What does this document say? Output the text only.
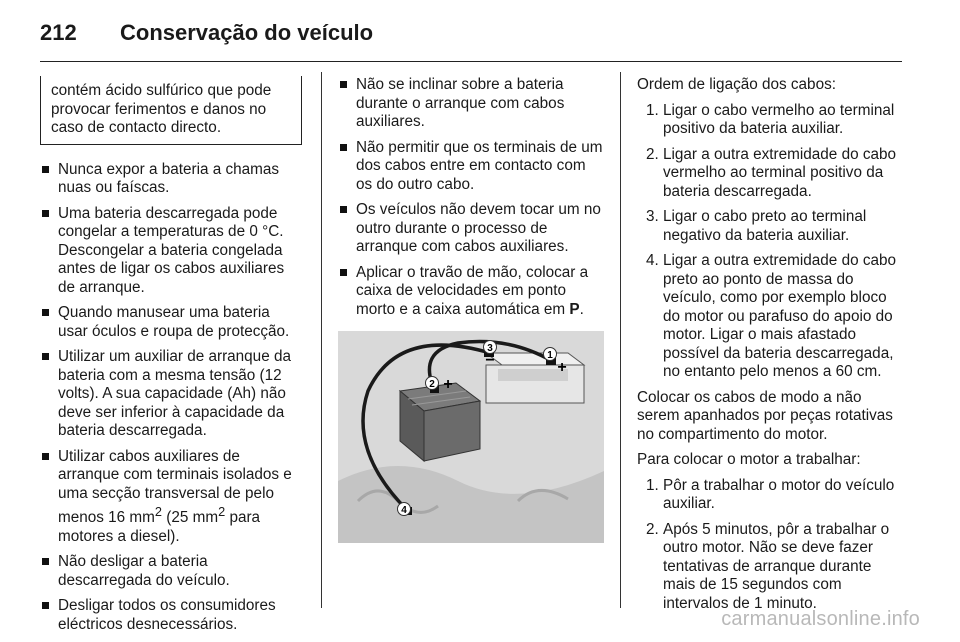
212 Conservação do veículo
contém ácido sulfúrico que pode provocar ferimentos e danos no caso de contacto directo.
Nunca expor a bateria a chamas nuas ou faíscas.
Uma bateria descarregada pode congelar a temperaturas de 0 °C. Descongelar a bateria congelada antes de ligar os cabos auxiliares de arranque.
Quando manusear uma bateria usar óculos e roupa de protecção.
Utilizar um auxiliar de arranque da bateria com a mesma tensão (12 volts). A sua capacidade (Ah) não deve ser inferior à capacidade da bateria descarregada.
Utilizar cabos auxiliares de arranque com terminais isolados e uma secção transversal de pelo menos 16 $mm^2$ (25 $mm^2$ para motores a diesel).
Não desligar a bateria descarregada do veículo.
Desligar todos os consumidores eléctricos desnecessários.
Não se inclinar sobre a bateria durante o arranque com cabos auxiliares.
Não permitir que os terminais de um dos cabos entre em contacto com os do outro cabo.
Os veículos não devem tocar um no outro durante o processo de arranque com cabos auxiliares.
Aplicar o travão de mão, colocar a caixa de velocidades em ponto morto e a caixa automática em P.
1
+
2 +
3
−
4

Ordem de ligação dos cabos:

1. Ligar o cabo vermelho ao terminal positivo da bateria auxiliar.
2. Ligar a outra extremidade do cabo vermelho ao terminal positivo da bateria descarregada.
3. Ligar o cabo preto ao terminal negativo da bateria auxiliar.
4. Ligar a outra extremidade do cabo preto ao ponto de massa do veículo, como por exemplo bloco do motor ou parafuso do apoio do motor. Ligar o mais afastado possível da bateria descarregada, no entanto pelo menos a 60 cm.

Colocar os cabos de modo a não serem apanhados por peças rotativas no compartimento do motor.

Para colocar o motor a trabalhar:

1. Pôr a trabalhar o motor do veículo auxiliar.
2. Após 5 minutos, pôr a trabalhar o outro motor. Não se deve fazer tentativas de arranque durante mais de 15 segundos com intervalos de 1 minuto.
carmanualsonline.info
